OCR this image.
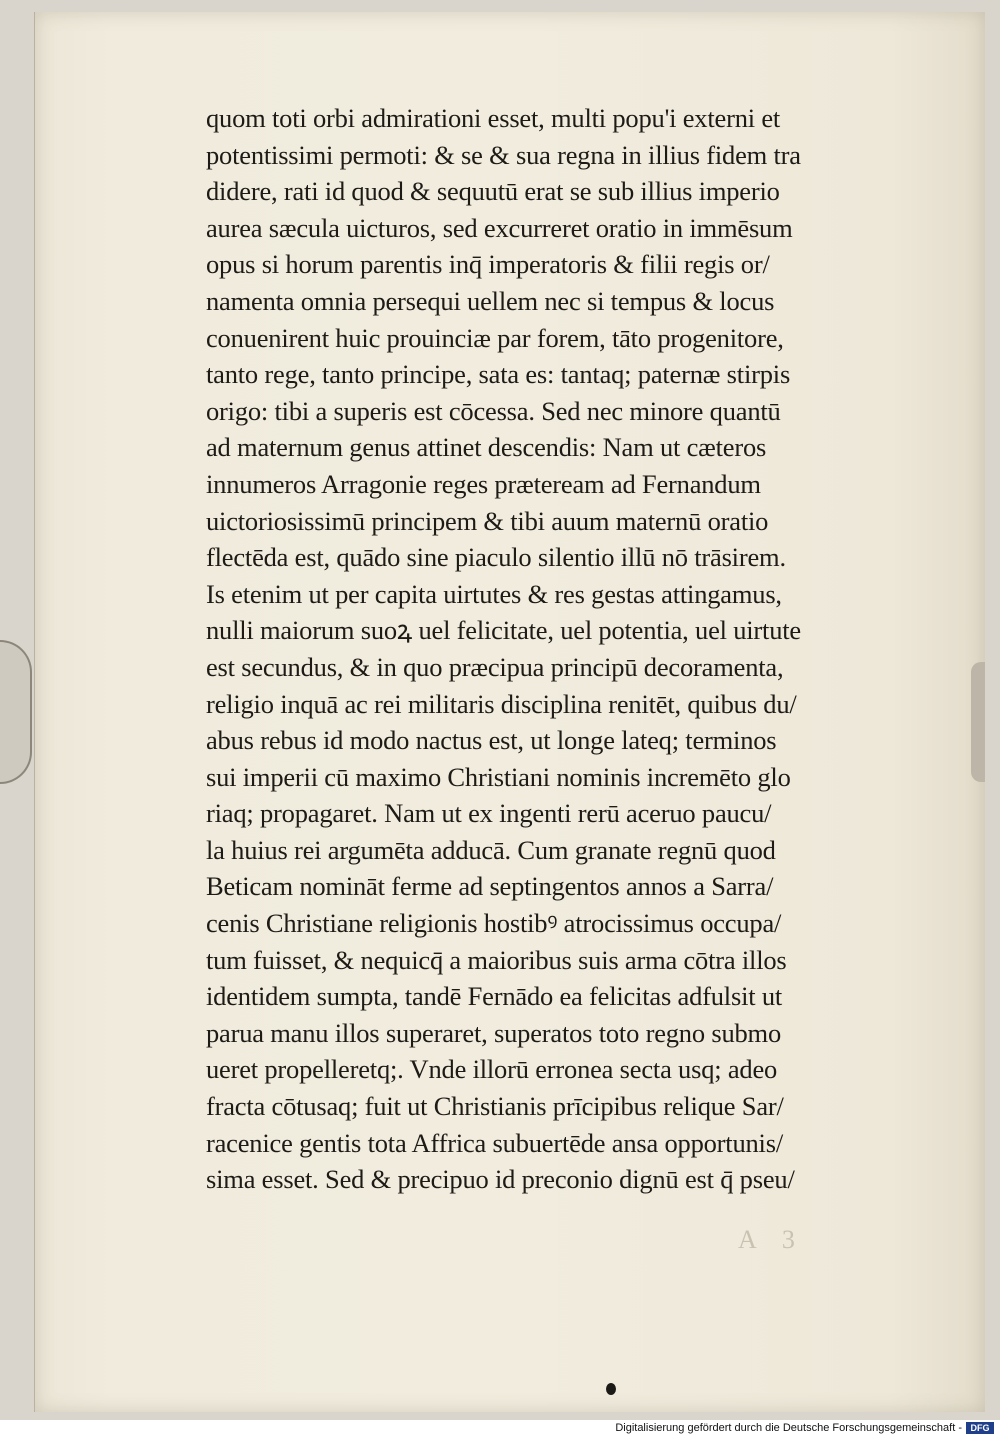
quom toti orbi admirationi esset, multi popu'i externi et
potentissimi permoti: & se & sua regna in illius fidem tra
didere, rati id quod & sequutū erat se sub illius imperio
aurea sæcula uicturos, sed excurreret oratio in immēsum
opus si horum parentis inq̄ imperatoris & filii regis or/
namenta omnia persequi uellem nec si tempus & locus
conuenirent huic prouinciæ par forem, tāto progenitore,
tanto rege, tanto principe, sata es: tantaq; paternæ stirpis
origo: tibi a superis est cōcessa. Sed nec minore quantū
ad maternum genus attinet descendis: Nam ut cæteros
innumeros Arragonie reges præteream ad Fernandum
uictoriosissimū principem & tibi auum maternū oratio
flectēda est, quādo sine piaculo silentio illū nō trāsirem.
Is etenim ut per capita uirtutes & res gestas attingamus,
nulli maiorum suoꝝ uel felicitate, uel potentia, uel uirtute
est secundus, & in quo præcipua principū decoramenta,
religio inquā ac rei militaris disciplina renitēt, quibus du/
abus rebus id modo nactus est, ut longe lateq; terminos
sui imperii cū maximo Christiani nominis incremēto glo
riaq; propagaret. Nam ut ex ingenti rerū aceruo paucu/
la huius rei argumēta adducā. Cum granate regnū quod
Beticam nomināt ferme ad septingentos annos a Sarra/
cenis Christiane religionis hostibꝰ atrocissimus occupa/
tum fuisset, & nequicq̄ a maioribus suis arma cōtra illos
identidem sumpta, tandē Fernādo ea felicitas adfulsit ut
parua manu illos superaret, superatos toto regno submo
ueret propelleretq;. Vnde illorū erronea secta usq; adeo
fracta cōtusaq; fuit ut Christianis prīcipibus relique Sar/
racenice gentis tota Affrica subuertēde ansa opportunis/
sima esset. Sed & precipuo id preconio dignū est q̄ pseu/
A 3
Digitalisierung gefördert durch die Deutsche Forschungsgemeinschaft - DFG
